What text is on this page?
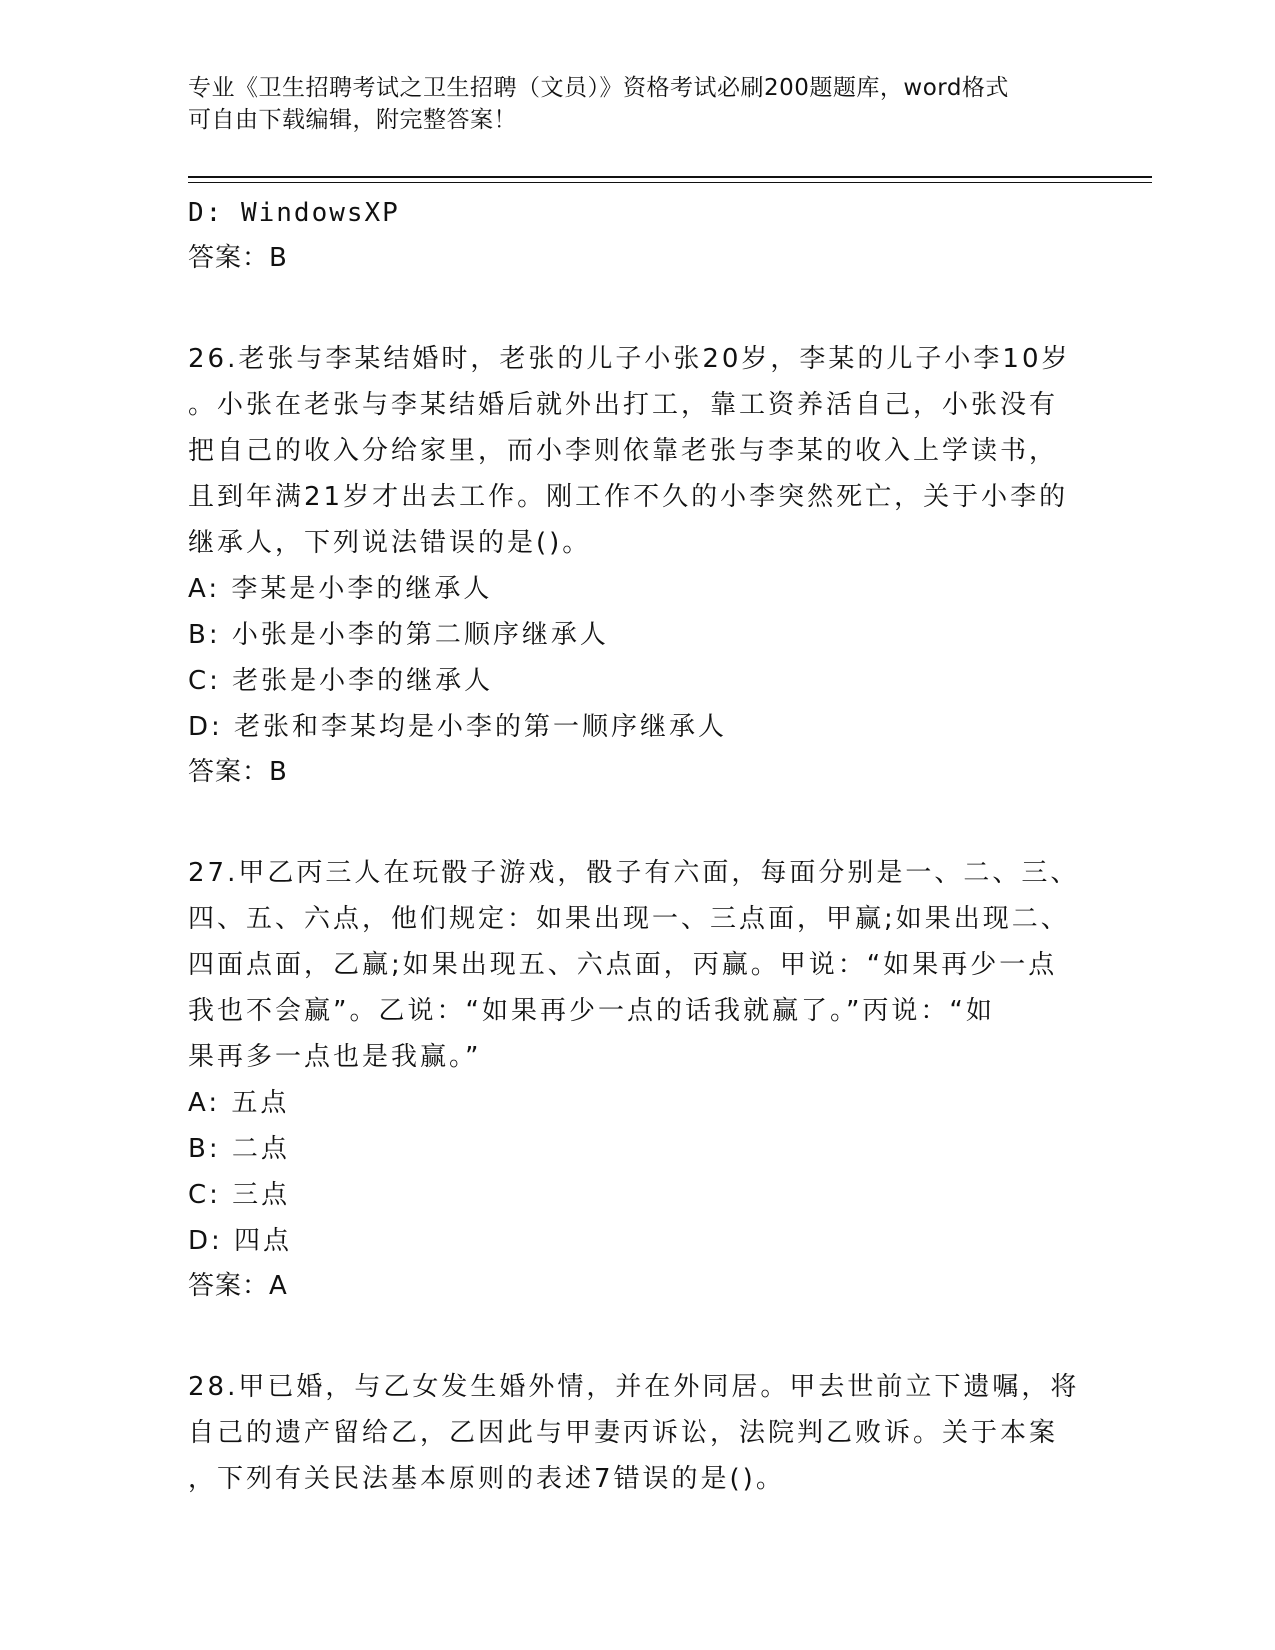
专业《卫生招聘考试之卫生招聘（文员）》资格考试必刷200题题库，word格式
可自由下载编辑，附完整答案！
D: WindowsXP
答案：B
26.老张与李某结婚时，老张的儿子小张20岁，李某的儿子小李10岁
。小张在老张与李某结婚后就外出打工，靠工资养活自己，小张没有
把自己的收入分给家里，而小李则依靠老张与李某的收入上学读书，
且到年满21岁才出去工作。刚工作不久的小李突然死亡，关于小李的
继承人，下列说法错误的是()。
A: 李某是小李的继承人
B: 小张是小李的第二顺序继承人
C: 老张是小李的继承人
D: 老张和李某均是小李的第一顺序继承人
答案：B
27.甲乙丙三人在玩骰子游戏，骰子有六面，每面分别是一、二、三、
四、五、六点，他们规定：如果出现一、三点面，甲赢;如果出现二、
四面点面，乙赢;如果出现五、六点面，丙赢。甲说：“如果再少一点
我也不会赢”。乙说：“如果再少一点的话我就赢了。”丙说：“如
果再多一点也是我赢。”
A: 五点
B: 二点
C: 三点
D: 四点
答案：A
28.甲已婚，与乙女发生婚外情，并在外同居。甲去世前立下遗嘱，将
自己的遗产留给乙，乙因此与甲妻丙诉讼，法院判乙败诉。关于本案
，下列有关民法基本原则的表述7错误的是()。
